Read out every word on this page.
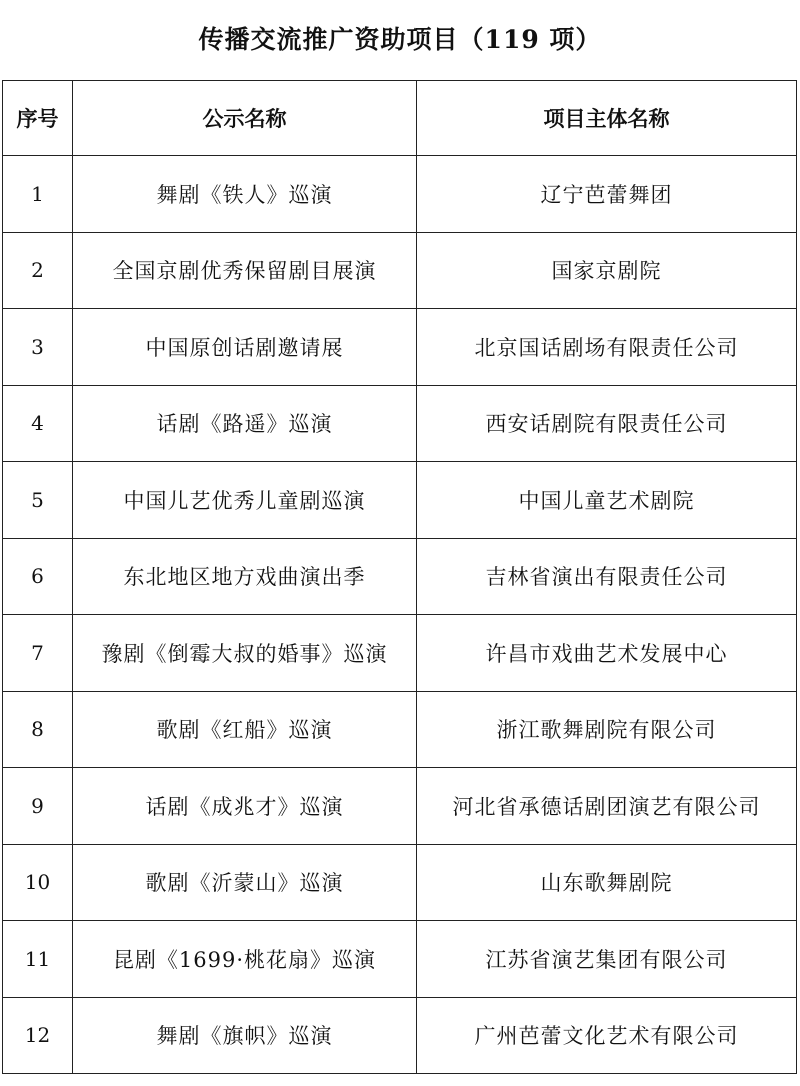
传播交流推广资助项目（119 项）
序号	公示名称	项目主体名称
1	舞剧《铁人》巡演	辽宁芭蕾舞团
2	全国京剧优秀保留剧目展演	国家京剧院
3	中国原创话剧邀请展	北京国话剧场有限责任公司
4	话剧《路遥》巡演	西安话剧院有限责任公司
5	中国儿艺优秀儿童剧巡演	中国儿童艺术剧院
6	东北地区地方戏曲演出季	吉林省演出有限责任公司
7	豫剧《倒霉大叔的婚事》巡演	许昌市戏曲艺术发展中心
8	歌剧《红船》巡演	浙江歌舞剧院有限公司
9	话剧《成兆才》巡演	河北省承德话剧团演艺有限公司
10	歌剧《沂蒙山》巡演	山东歌舞剧院
11	昆剧《1699·桃花扇》巡演	江苏省演艺集团有限公司
12	舞剧《旗帜》巡演	广州芭蕾文化艺术有限公司
